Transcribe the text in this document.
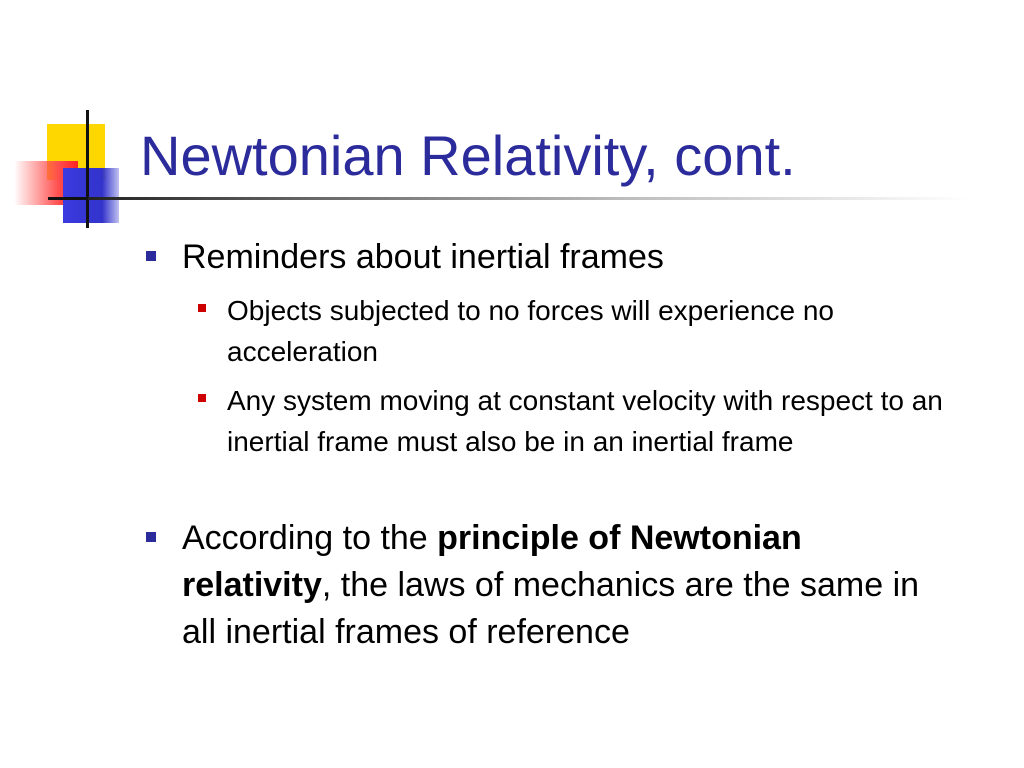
Newtonian Relativity, cont.
Reminders about inertial frames
Objects subjected to no forces will experience no acceleration
Any system moving at constant velocity with respect to an inertial frame must also be in an inertial frame
According to the principle of Newtonian relativity, the laws of mechanics are the same in all inertial frames of reference
